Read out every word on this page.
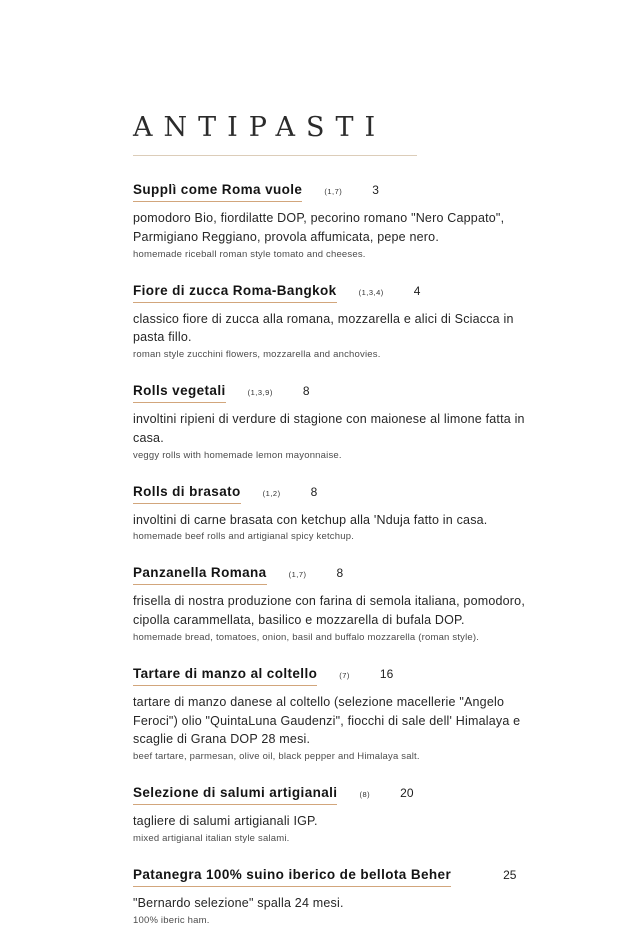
ANTIPASTI
Supplì come Roma vuole	(1,7)	3
pomodoro Bio, fiordilatte DOP, pecorino romano "Nero Cappato", Parmigiano Reggiano, provola affumicata, pepe nero.
homemade riceball roman style tomato and cheeses.
Fiore di zucca Roma-Bangkok	(1,3,4)	4
classico fiore di zucca alla romana, mozzarella e alici di Sciacca in pasta fillo.
roman style zucchini flowers, mozzarella and anchovies.
Rolls vegetali	(1,3,9)	8
involtini ripieni di verdure di stagione con maionese al limone fatta in casa.
veggy rolls with homemade lemon mayonnaise.
Rolls di brasato	(1,2)	8
involtini di carne brasata con ketchup alla 'Nduja fatto in casa.
homemade beef rolls and artigianal spicy ketchup.
Panzanella Romana	(1,7)	8
frisella di nostra produzione con farina di semola italiana, pomodoro, cipolla carammellata, basilico e mozzarella di bufala DOP.
homemade bread, tomatoes, onion, basil and buffalo mozzarella (roman style).
Tartare di manzo al coltello	(7)	16
tartare di manzo danese al coltello (selezione macellerie "Angelo Feroci") olio "QuintaLuna Gaudenzi", fiocchi di sale dell' Himalaya e scaglie di Grana DOP 28 mesi.
beef tartare, parmesan, olive oil, black pepper and Himalaya salt.
Selezione di salumi artigianali	(8)	20
tagliere di salumi artigianali IGP.
mixed artigianal italian style salami.
Patanegra 100% suino iberico de bellota Beher	25
"Bernardo selezione" spalla 24 mesi.
100% iberic ham.
